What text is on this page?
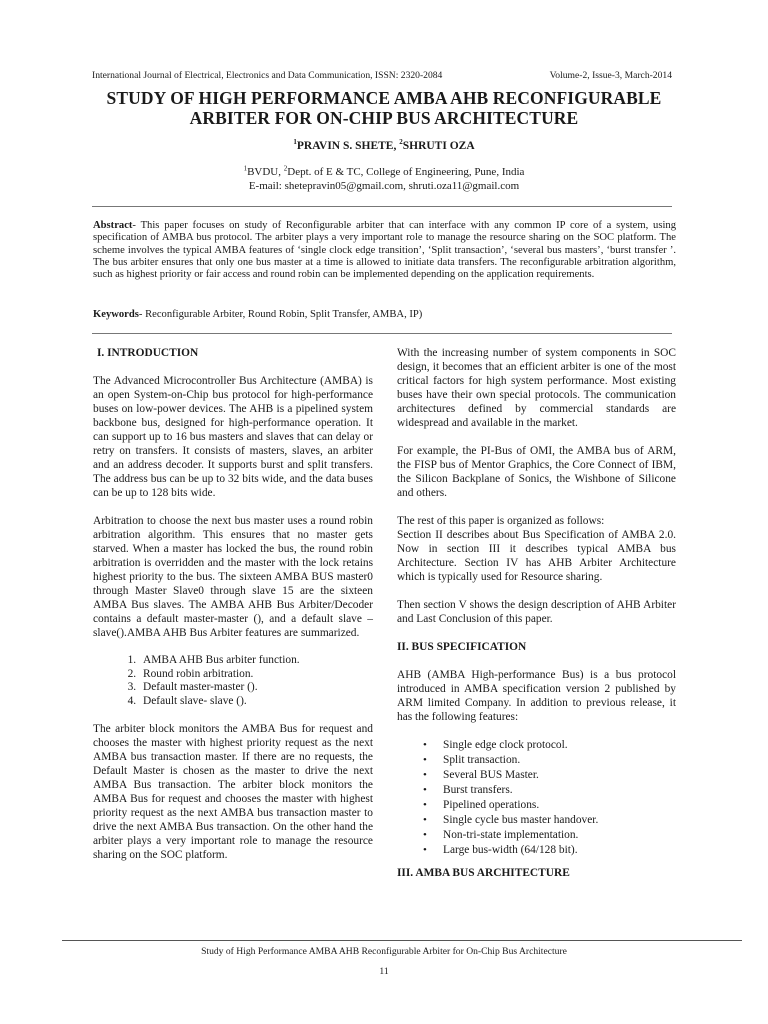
International Journal of Electrical, Electronics and Data Communication, ISSN: 2320-2084	Volume-2, Issue-3, March-2014
STUDY OF HIGH PERFORMANCE AMBA AHB RECONFIGURABLE
ARBITER FOR ON-CHIP BUS ARCHITECTURE
$^1$PRAVIN S. SHETE, $^2$SHRUTI OZA
$^1$BVDU, $^2$Dept. of E & TC, College of Engineering, Pune, India
E-mail: shetepravin05@gmail.com, shruti.oza11@gmail.com
Abstract- This paper focuses on study of Reconfigurable arbiter that can interface with any common IP core of a system, using specification of AMBA bus protocol. The arbiter plays a very important role to manage the resource sharing on the SOC platform. The scheme involves the typical AMBA features of ‘single clock edge transition’, ‘Split transaction’, ‘several bus masters’, ‘burst transfer ’. The bus arbiter ensures that only one bus master at a time is allowed to initiate data transfers. The reconfigurable arbitration algorithm, such as highest priority or fair access and round robin can be implemented depending on the application requirements.
Keywords- Reconfigurable Arbiter, Round Robin, Split Transfer, AMBA, IP)
I. INTRODUCTION

The Advanced Microcontroller Bus Architecture (AMBA) is an open System-on-Chip bus protocol for high-performance buses on low-power devices. The AHB is a pipelined system backbone bus, designed for high-performance operation. It can support up to 16 bus masters and slaves that can delay or retry on transfers. It consists of masters, slaves, an arbiter and an address decoder. It supports burst and split transfers. The address bus can be up to 32 bits wide, and the data buses can be up to 128 bits wide.

Arbitration to choose the next bus master uses a round robin arbitration algorithm. This ensures that no master gets starved. When a master has locked the bus, the round robin arbitration is overridden and the master with the lock retains highest priority to the bus. The sixteen AMBA BUS master0 through Master Slave0 through slave 15 are the sixteen AMBA Bus slaves. The AMBA AHB Bus Arbiter/Decoder contains a default master-master (), and a default slave – slave().AMBA AHB Bus Arbiter features are summarized.

1. AMBA AHB Bus arbiter function.
2. Round robin arbitration.
3. Default master-master ().
4. Default slave- slave ().

The arbiter block monitors the AMBA Bus for request and chooses the master with highest priority request as the next AMBA bus transaction master. If there are no requests, the Default Master is chosen as the master to drive the next AMBA Bus transaction. The arbiter block monitors the AMBA Bus for request and chooses the master with highest priority request as the next AMBA bus transaction master to drive the next AMBA Bus transaction. On the other hand the arbiter plays a very important role to manage the resource sharing on the SOC platform.

With the increasing number of system components in SOC design, it becomes that an efficient arbiter is one of the most critical factors for high system performance. Most existing buses have their own special protocols. The communication architectures defined by commercial standards are widespread and available in the market.

For example, the PI-Bus of OMI, the AMBA bus of ARM, the FISP bus of Mentor Graphics, the Core Connect of IBM, the Silicon Backplane of Sonics, the Wishbone of Silicone and others.

The rest of this paper is organized as follows:
Section II describes about Bus Specification of AMBA 2.0. Now in section III it describes typical AMBA bus Architecture. Section IV has AHB Arbiter Architecture which is typically used for Resource sharing.

Then section V shows the design description of AHB Arbiter and Last Conclusion of this paper.

II. BUS SPECIFICATION

AHB (AMBA High-performance Bus) is a bus protocol introduced in AMBA specification version 2 published by ARM limited Company. In addition to previous release, it has the following features:

• Single edge clock protocol.
• Split transaction.
• Several BUS Master.
• Burst transfers.
• Pipelined operations.
• Single cycle bus master handover.
• Non-tri-state implementation.
• Large bus-width (64/128 bit).
III. AMBA BUS ARCHITECTURE
Study of High Performance AMBA AHB Reconfigurable Arbiter for On-Chip Bus Architecture
11
